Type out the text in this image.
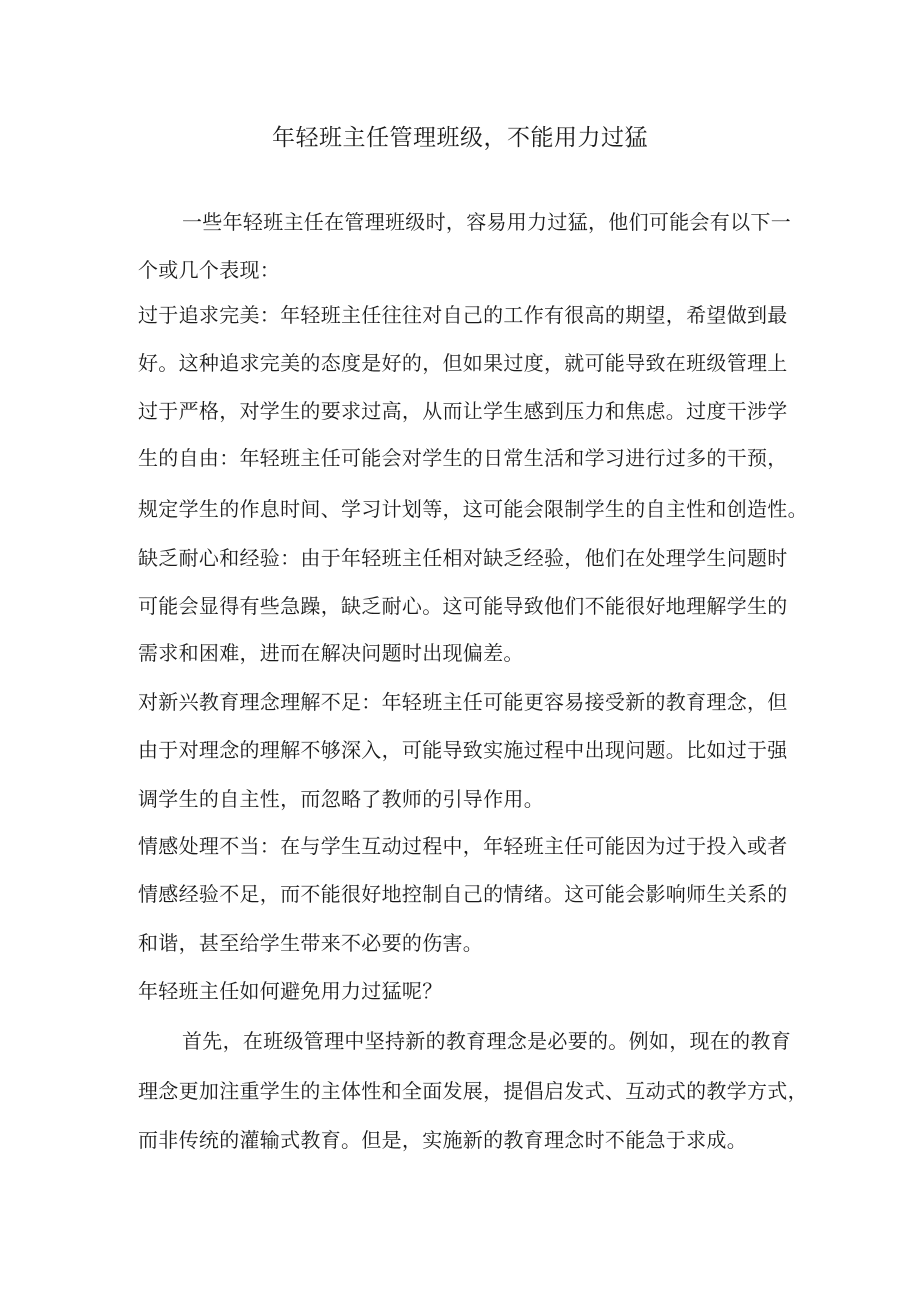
年轻班主任管理班级，不能用力过猛
一些年轻班主任在管理班级时，容易用力过猛，他们可能会有以下一
个或几个表现：
过于追求完美：年轻班主任往往对自己的工作有很高的期望，希望做到最
好。这种追求完美的态度是好的，但如果过度，就可能导致在班级管理上
过于严格，对学生的要求过高，从而让学生感到压力和焦虑。过度干涉学
生的自由：年轻班主任可能会对学生的日常生活和学习进行过多的干预，
规定学生的作息时间、学习计划等，这可能会限制学生的自主性和创造性。
缺乏耐心和经验：由于年轻班主任相对缺乏经验，他们在处理学生问题时
可能会显得有些急躁，缺乏耐心。这可能导致他们不能很好地理解学生的
需求和困难，进而在解决问题时出现偏差。
对新兴教育理念理解不足：年轻班主任可能更容易接受新的教育理念，但
由于对理念的理解不够深入，可能导致实施过程中出现问题。比如过于强
调学生的自主性，而忽略了教师的引导作用。
情感处理不当：在与学生互动过程中，年轻班主任可能因为过于投入或者
情感经验不足，而不能很好地控制自己的情绪。这可能会影响师生关系的
和谐，甚至给学生带来不必要的伤害。
年轻班主任如何避免用力过猛呢？
首先，在班级管理中坚持新的教育理念是必要的。例如，现在的教育
理念更加注重学生的主体性和全面发展，提倡启发式、互动式的教学方式，
而非传统的灌输式教育。但是，实施新的教育理念时不能急于求成。
